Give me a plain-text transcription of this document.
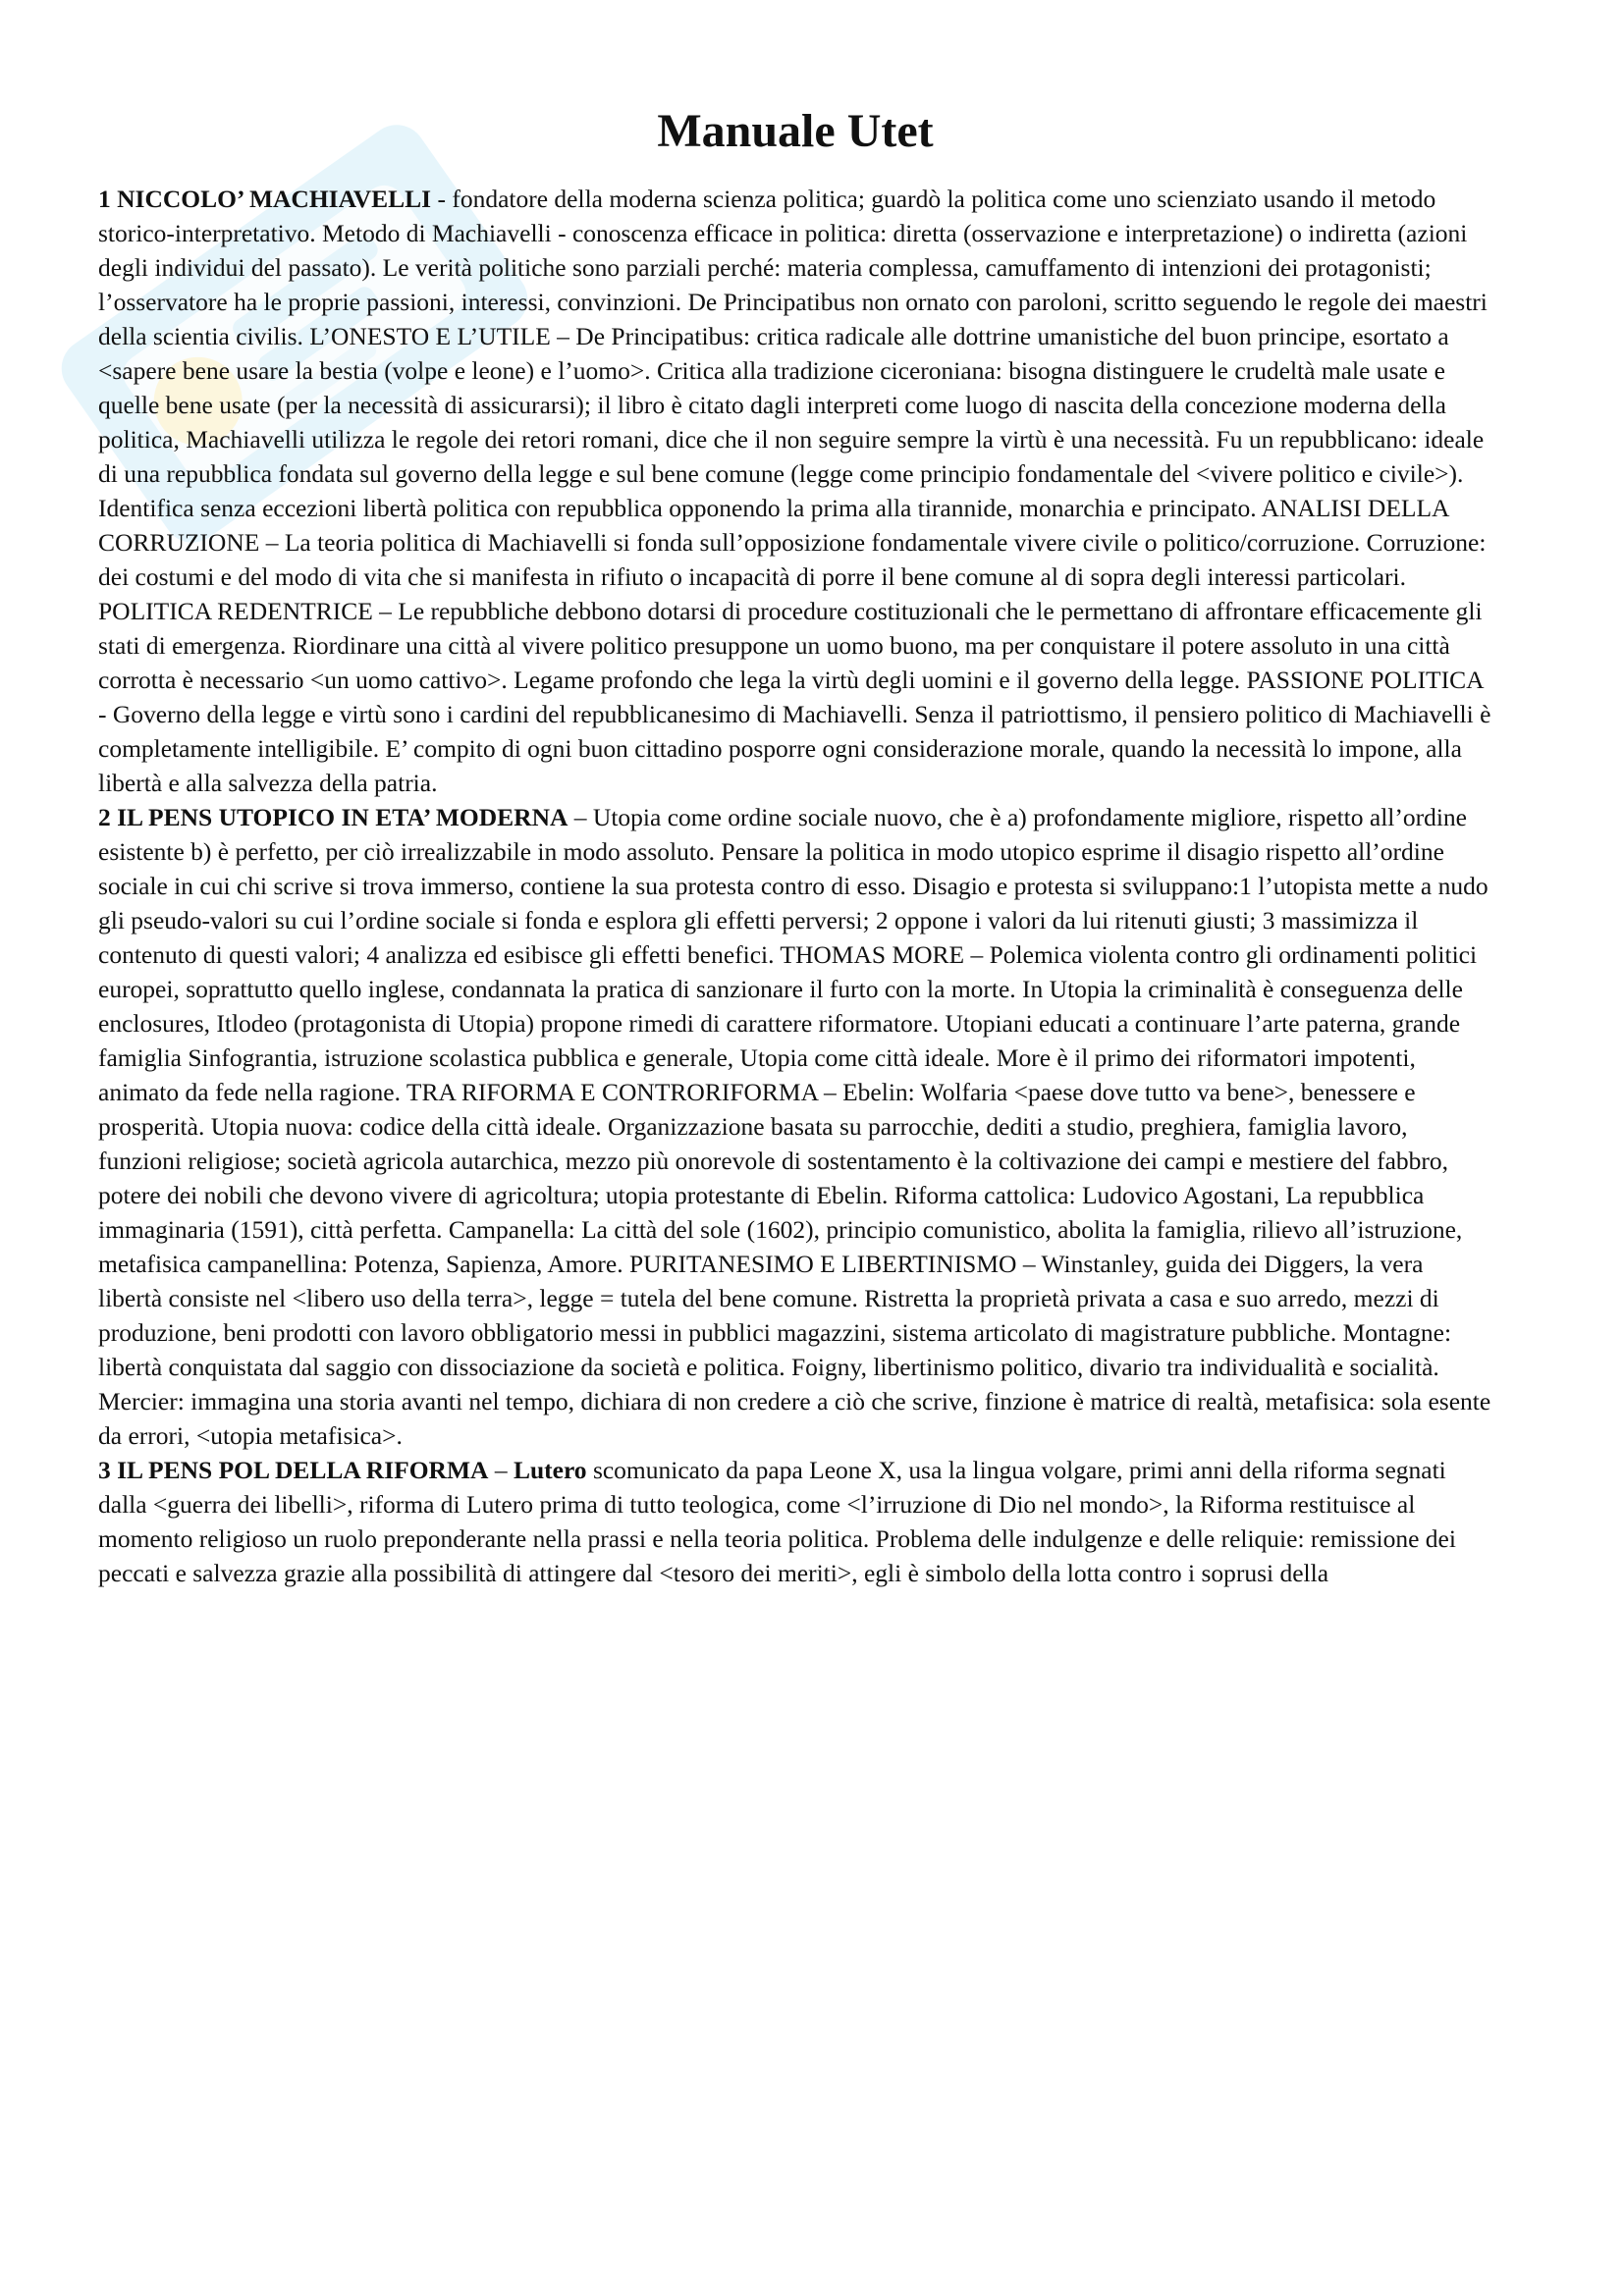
Manuale Utet

1 NICCOLO’ MACHIAVELLI - fondatore della moderna scienza politica; guardò la politica come uno scienziato usando il metodo storico-interpretativo. Metodo di Machiavelli - conoscenza efficace in politica: diretta (osservazione e interpretazione) o indiretta (azioni degli individui del passato). Le verità politiche sono parziali perché: materia complessa, camuffamento di intenzioni dei protagonisti; l’osservatore ha le proprie passioni, interessi, convinzioni. De Principatibus non ornato con paroloni, scritto seguendo le regole dei maestri della scientia civilis. L’ONESTO E L’UTILE – De Principatibus: critica radicale alle dottrine umanistiche del buon principe, esortato a <sapere bene usare la bestia (volpe e leone) e l’uomo>. Critica alla tradizione ciceroniana: bisogna distinguere le crudeltà male usate e quelle bene usate (per la necessità di assicurarsi); il libro è citato dagli interpreti come luogo di nascita della concezione moderna della politica, Machiavelli utilizza le regole dei retori romani, dice che il non seguire sempre la virtù è una necessità. Fu un repubblicano: ideale di una repubblica fondata sul governo della legge e sul bene comune (legge come principio fondamentale del <vivere politico e civile>). Identifica senza eccezioni libertà politica con repubblica opponendo la prima alla tirannide, monarchia e principato. ANALISI DELLA CORRUZIONE – La teoria politica di Machiavelli si fonda sull’opposizione fondamentale vivere civile o politico/corruzione. Corruzione: dei costumi e del modo di vita che si manifesta in rifiuto o incapacità di porre il bene comune al di sopra degli interessi particolari. POLITICA REDENTRICE – Le repubbliche debbono dotarsi di procedure costituzionali che le permettano di affrontare efficacemente gli stati di emergenza. Riordinare una città al vivere politico presuppone un uomo buono, ma per conquistare il potere assoluto in una città corrotta è necessario <un uomo cattivo>. Legame profondo che lega la virtù degli uomini e il governo della legge. PASSIONE POLITICA - Governo della legge e virtù sono i cardini del repubblicanesimo di Machiavelli. Senza il patriottismo, il pensiero politico di Machiavelli è completamente intelligibile. E’ compito di ogni buon cittadino posporre ogni considerazione morale, quando la necessità lo impone, alla libertà e alla salvezza della patria.

2 IL PENS UTOPICO IN ETA’ MODERNA – Utopia come ordine sociale nuovo, che è a) profondamente migliore, rispetto all’ordine esistente b) è perfetto, per ciò irrealizzabile in modo assoluto. Pensare la politica in modo utopico esprime il disagio rispetto all’ordine sociale in cui chi scrive si trova immerso, contiene la sua protesta contro di esso. Disagio e protesta si sviluppano:1 l’utopista mette a nudo gli pseudo-valori su cui l’ordine sociale si fonda e esplora gli effetti perversi; 2 oppone i valori da lui ritenuti giusti; 3 massimizza il contenuto di questi valori; 4 analizza ed esibisce gli effetti benefici. THOMAS MORE – Polemica violenta contro gli ordinamenti politici europei, soprattutto quello inglese, condannata la pratica di sanzionare il furto con la morte. In Utopia la criminalità è conseguenza delle enclosures, Itlodeo (protagonista di Utopia) propone rimedi di carattere riformatore. Utopiani educati a continuare l’arte paterna, grande famiglia Sinfograntia, istruzione scolastica pubblica e generale, Utopia come città ideale. More è il primo dei riformatori impotenti, animato da fede nella ragione. TRA RIFORMA E CONTRORIFORMA – Ebelin: Wolfaria <paese dove tutto va bene>, benessere e prosperità. Utopia nuova: codice della città ideale. Organizzazione basata su parrocchie, dediti a studio, preghiera, famiglia lavoro, funzioni religiose; società agricola autarchica, mezzo più onorevole di sostentamento è la coltivazione dei campi e mestiere del fabbro, potere dei nobili che devono vivere di agricoltura; utopia protestante di Ebelin. Riforma cattolica: Ludovico Agostani, La repubblica immaginaria (1591), città perfetta. Campanella: La città del sole (1602), principio comunistico, abolita la famiglia, rilievo all’istruzione, metafisica campanellina: Potenza, Sapienza, Amore. PURITANESIMO E LIBERTINISMO – Winstanley, guida dei Diggers, la vera libertà consiste nel <libero uso della terra>, legge = tutela del bene comune. Ristretta la proprietà privata a casa e suo arredo, mezzi di produzione, beni prodotti con lavoro obbligatorio messi in pubblici magazzini, sistema articolato di magistrature pubbliche. Montagne: libertà conquistata dal saggio con dissociazione da società e politica. Foigny, libertinismo politico, divario tra individualità e socialità. Mercier: immagina una storia avanti nel tempo, dichiara di non credere a ciò che scrive, finzione è matrice di realtà, metafisica: sola esente da errori, <utopia metafisica>.

3 IL PENS POL DELLA RIFORMA – Lutero scomunicato da papa Leone X, usa la lingua volgare, primi anni della riforma segnati dalla <guerra dei libelli>, riforma di Lutero prima di tutto teologica, come <l’irruzione di Dio nel mondo>, la Riforma restituisce al momento religioso un ruolo preponderante nella prassi e nella teoria politica. Problema delle indulgenze e delle reliquie: remissione dei peccati e salvezza grazie alla possibilità di attingere dal <tesoro dei meriti>, egli è simbolo della lotta contro i soprusi della
